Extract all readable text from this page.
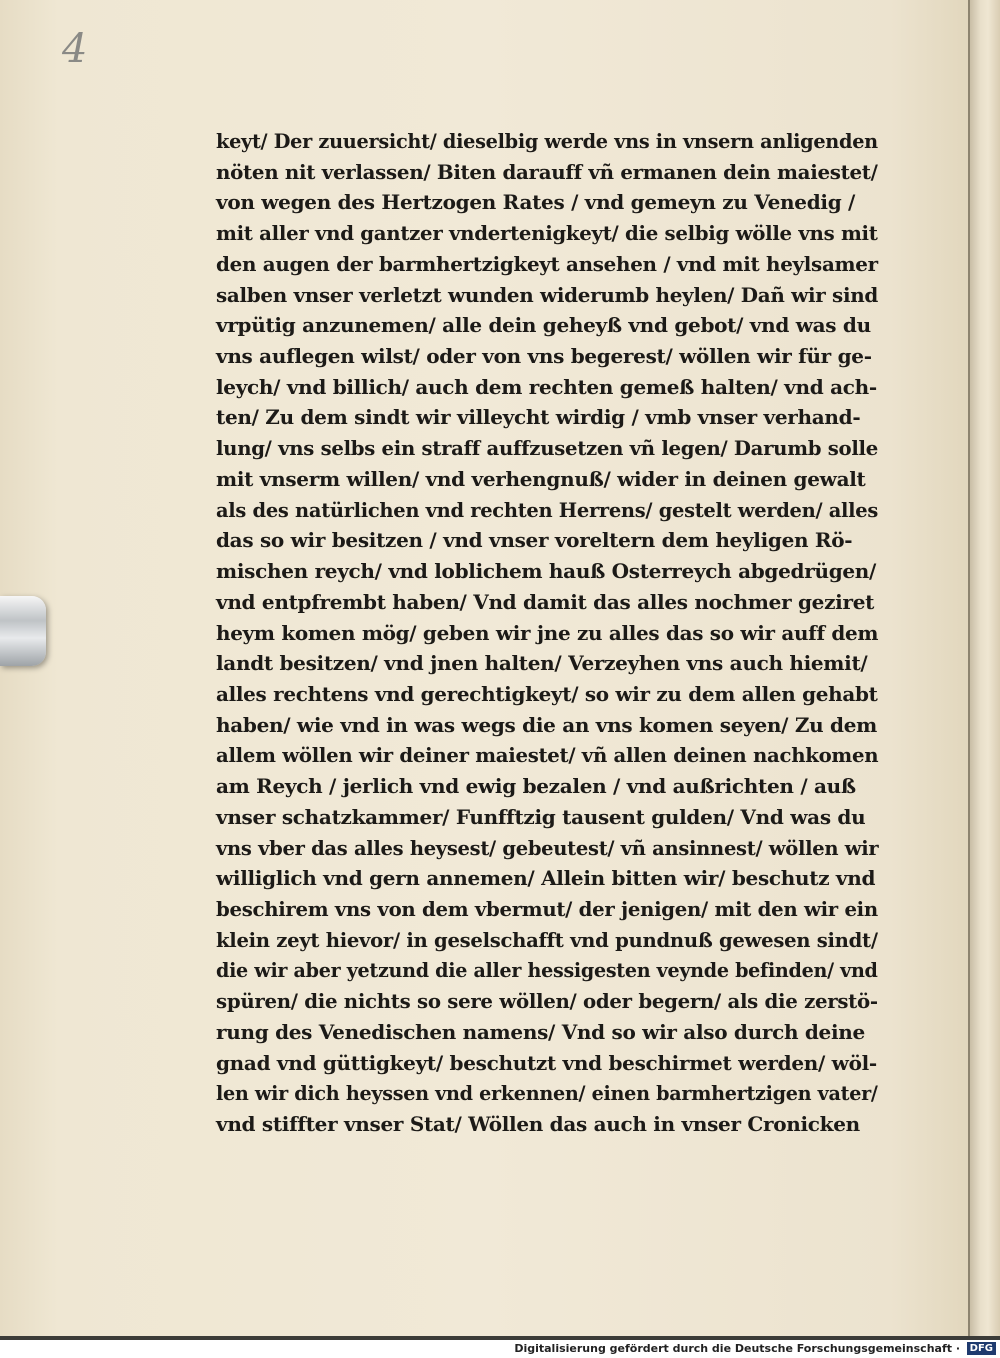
4
keyt/ Der zuuersicht/ dieselbig werde vns in vnsern anligenden
nöten nit verlassen/ Biten darauff vñ ermanen dein maiestet/
von wegen des Hertzogen Rates / vnd gemeyn zu Venedig /
mit aller vnd gantzer vndertenigkeyt/ die selbig wölle vns mit
den augen der barmhertzigkeyt ansehen / vnd mit heylsamer
salben vnser verletzt wunden widerumb heylen/ Dañ wir sind
vrpütig anzunemen/ alle dein geheyß vnd gebot/ vnd was du
vns auflegen wilst/ oder von vns begerest/ wöllen wir für ge-
leych/ vnd billich/ auch dem rechten gemeß halten/ vnd ach-
ten/ Zu dem sindt wir villeycht wirdig / vmb vnser verhand-
lung/ vns selbs ein straff auffzusetzen vñ legen/ Darumb solle
mit vnserm willen/ vnd verhengnuß/ wider in deinen gewalt
als des natürlichen vnd rechten Herrens/ gestelt werden/ alles
das so wir besitzen / vnd vnser voreltern dem heyligen Rö-
mischen reych/ vnd loblichem hauß Osterreych abgedrügen/
vnd entpfrembt haben/ Vnd damit das alles nochmer geziret
heym komen mög/ geben wir jne zu alles das so wir auff dem
landt besitzen/ vnd jnen halten/ Verzeyhen vns auch hiemit/
alles rechtens vnd gerechtigkeyt/ so wir zu dem allen gehabt
haben/ wie vnd in was wegs die an vns komen seyen/ Zu dem
allem wöllen wir deiner maiestet/ vñ allen deinen nachkomen
am Reych / jerlich vnd ewig bezalen / vnd außrichten / auß
vnser schatzkammer/ Funfftzig tausent gulden/ Vnd was du
vns vber das alles heysest/ gebeutest/ vñ ansinnest/ wöllen wir
williglich vnd gern annemen/ Allein bitten wir/ beschutz vnd
beschirem vns von dem vbermut/ der jenigen/ mit den wir ein
klein zeyt hievor/ in geselschafft vnd pundnuß gewesen sindt/
die wir aber yetzund die aller hessigesten veynde befinden/ vnd
spüren/ die nichts so sere wöllen/ oder begern/ als die zerstö-
rung des Venedischen namens/ Vnd so wir also durch deine
gnad vnd güttigkeyt/ beschutzt vnd beschirmet werden/ wöl-
len wir dich heyssen vnd erkennen/ einen barmhertzigen vater/
vnd stiffter vnser Stat/ Wöllen das auch in vnser Cronicken
Digitalisierung gefördert durch die Deutsche Forschungsgemeinschaft · DFG
